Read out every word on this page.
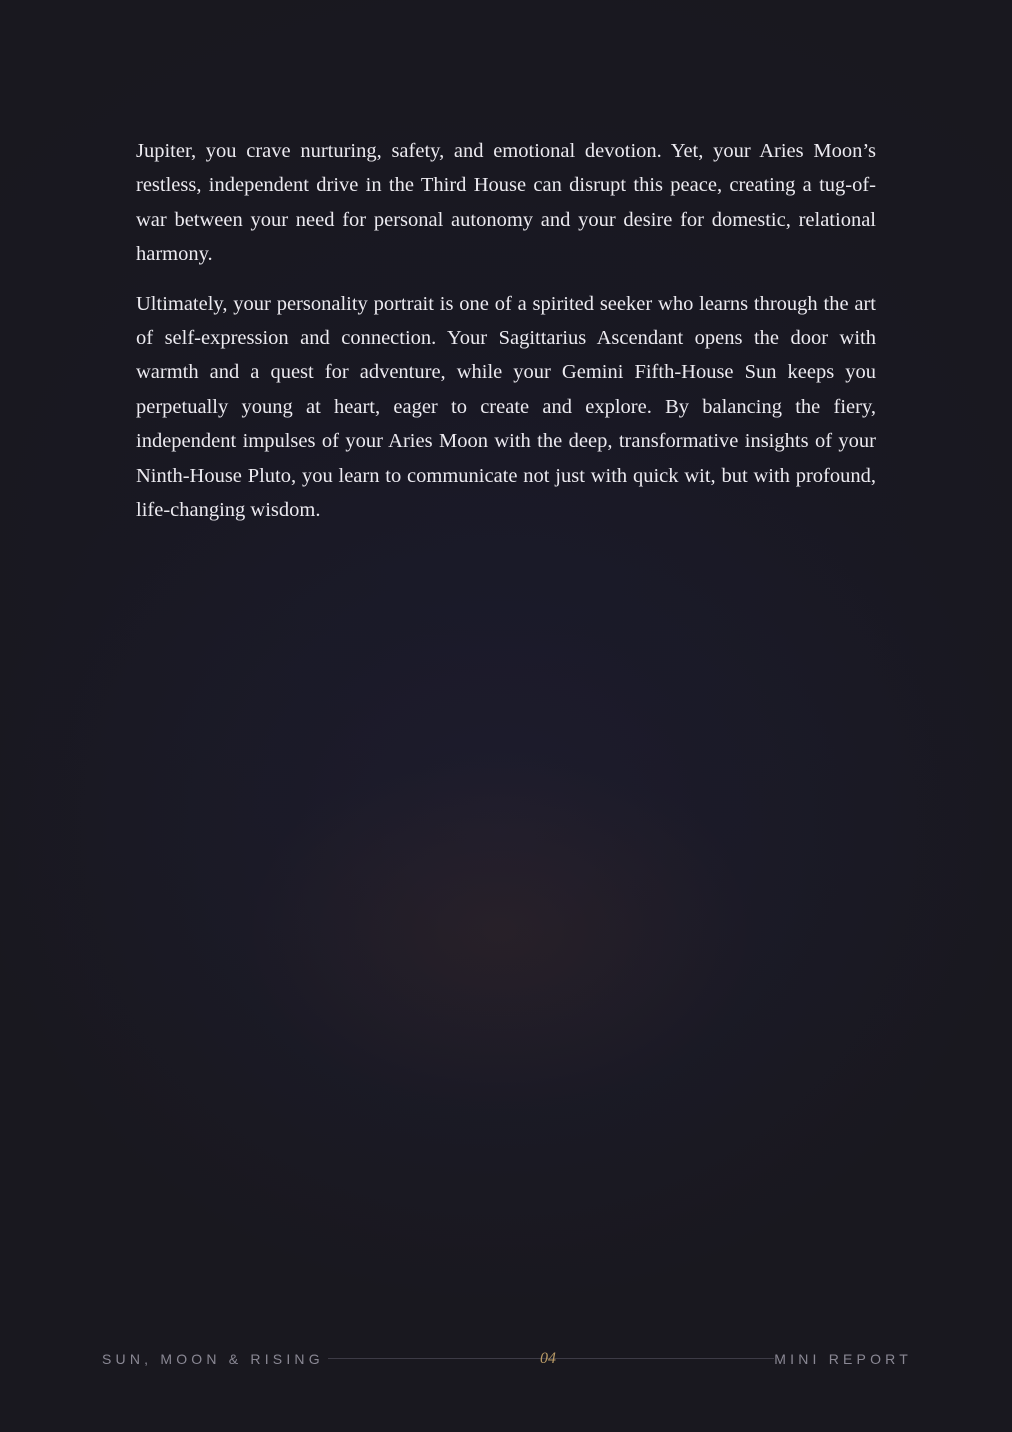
Jupiter, you crave nurturing, safety, and emotional devotion. Yet, your Aries Moon’s restless, independent drive in the Third House can disrupt this peace, creating a tug-of-war between your need for personal autonomy and your desire for domestic, relational harmony.

Ultimately, your personality portrait is one of a spirited seeker who learns through the art of self-expression and connection. Your Sagittarius Ascendant opens the door with warmth and a quest for adventure, while your Gemini Fifth-House Sun keeps you perpetually young at heart, eager to create and explore. By balancing the fiery, independent impulses of your Aries Moon with the deep, transformative insights of your Ninth-House Pluto, you learn to communicate not just with quick wit, but with profound, life-changing wisdom.

SUN, MOON & RISING	04	MINI REPORT
